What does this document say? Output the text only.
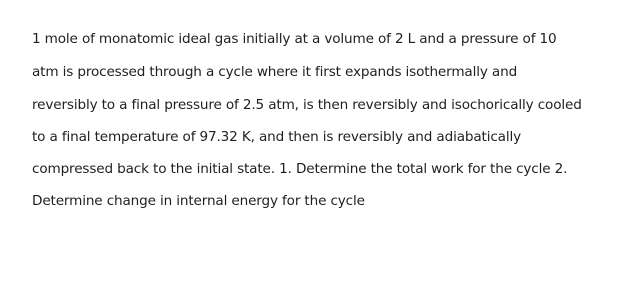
1 mole of monatomic ideal gas initially at a volume of 2 L and a pressure of 10
atm is processed through a cycle where it first expands isothermally and
reversibly to a final pressure of 2.5 atm, is then reversibly and isochorically cooled
to a final temperature of 97.32 K, and then is reversibly and adiabatically
compressed back to the initial state. 1. Determine the total work for the cycle 2.
Determine change in internal energy for the cycle
